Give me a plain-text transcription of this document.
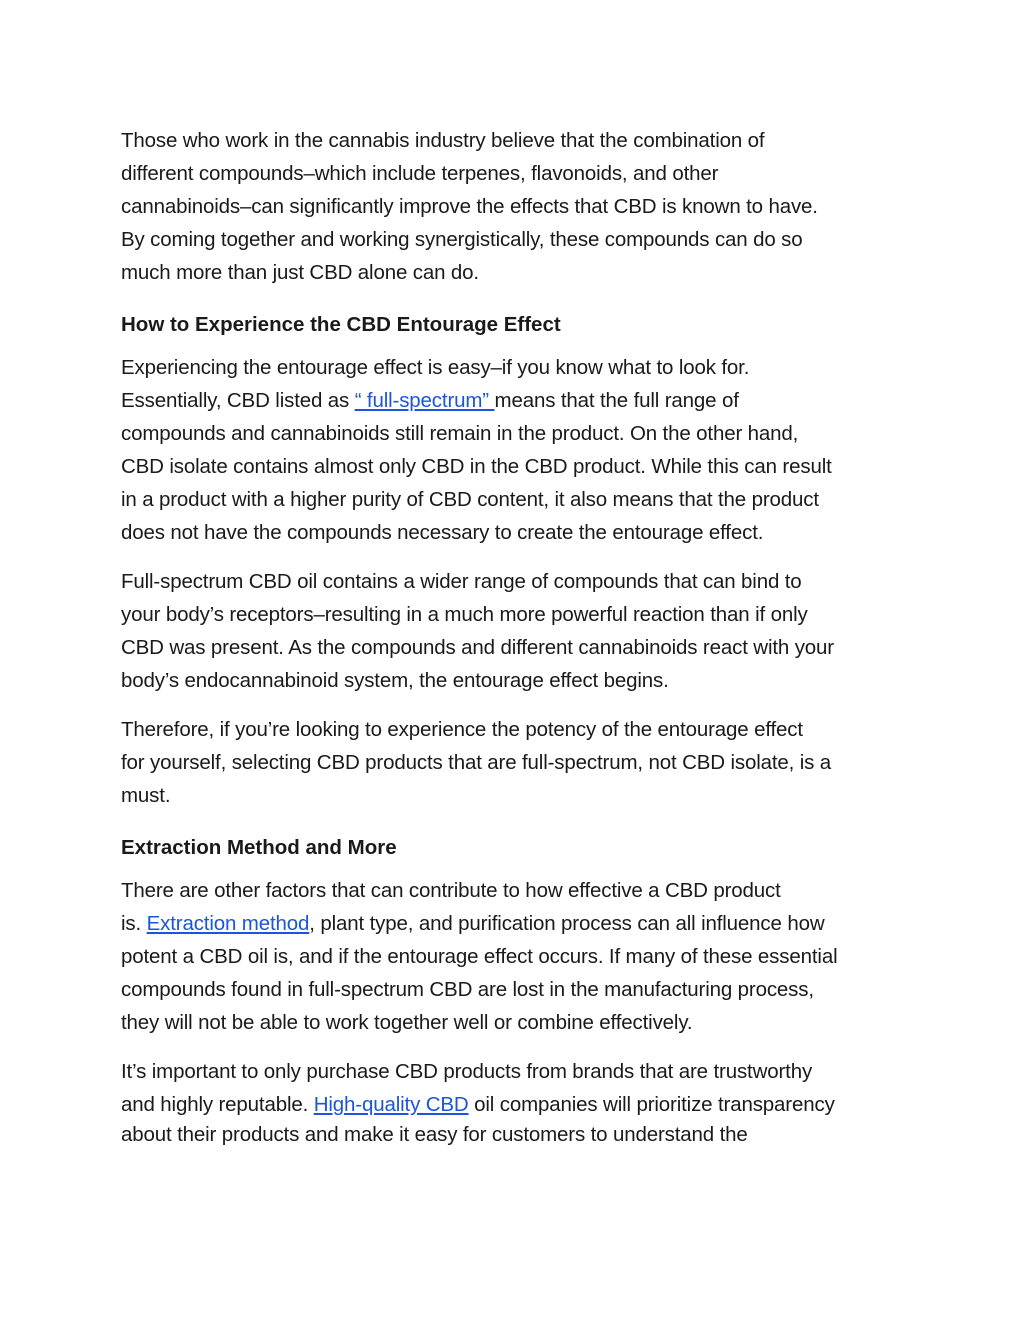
Those who work in the cannabis industry believe that the combination of
different compounds–which include terpenes, flavonoids, and other
cannabinoids–can significantly improve the effects that CBD is known to have.
By coming together and working synergistically, these compounds can do so
much more than just CBD alone can do.
How to Experience the CBD Entourage Effect
Experiencing the entourage effect is easy–if you know what to look for.
Essentially, CBD listed as “ full-spectrum” means that the full range of
compounds and cannabinoids still remain in the product. On the other hand,
CBD isolate contains almost only CBD in the CBD product. While this can result
in a product with a higher purity of CBD content, it also means that the product
does not have the compounds necessary to create the entourage effect.
Full-spectrum CBD oil contains a wider range of compounds that can bind to
your body’s receptors–resulting in a much more powerful reaction than if only
CBD was present. As the compounds and different cannabinoids react with your
body’s endocannabinoid system, the entourage effect begins.
Therefore, if you’re looking to experience the potency of the entourage effect
for yourself, selecting CBD products that are full-spectrum, not CBD isolate, is a
must.
Extraction Method and More
There are other factors that can contribute to how effective a CBD product
is. Extraction method, plant type, and purification process can all influence how
potent a CBD oil is, and if the entourage effect occurs. If many of these essential
compounds found in full-spectrum CBD are lost in the manufacturing process,
they will not be able to work together well or combine effectively.
It’s important to only purchase CBD products from brands that are trustworthy
and highly reputable. High-quality CBD oil companies will prioritize transparency
about their products and make it easy for customers to understand the
